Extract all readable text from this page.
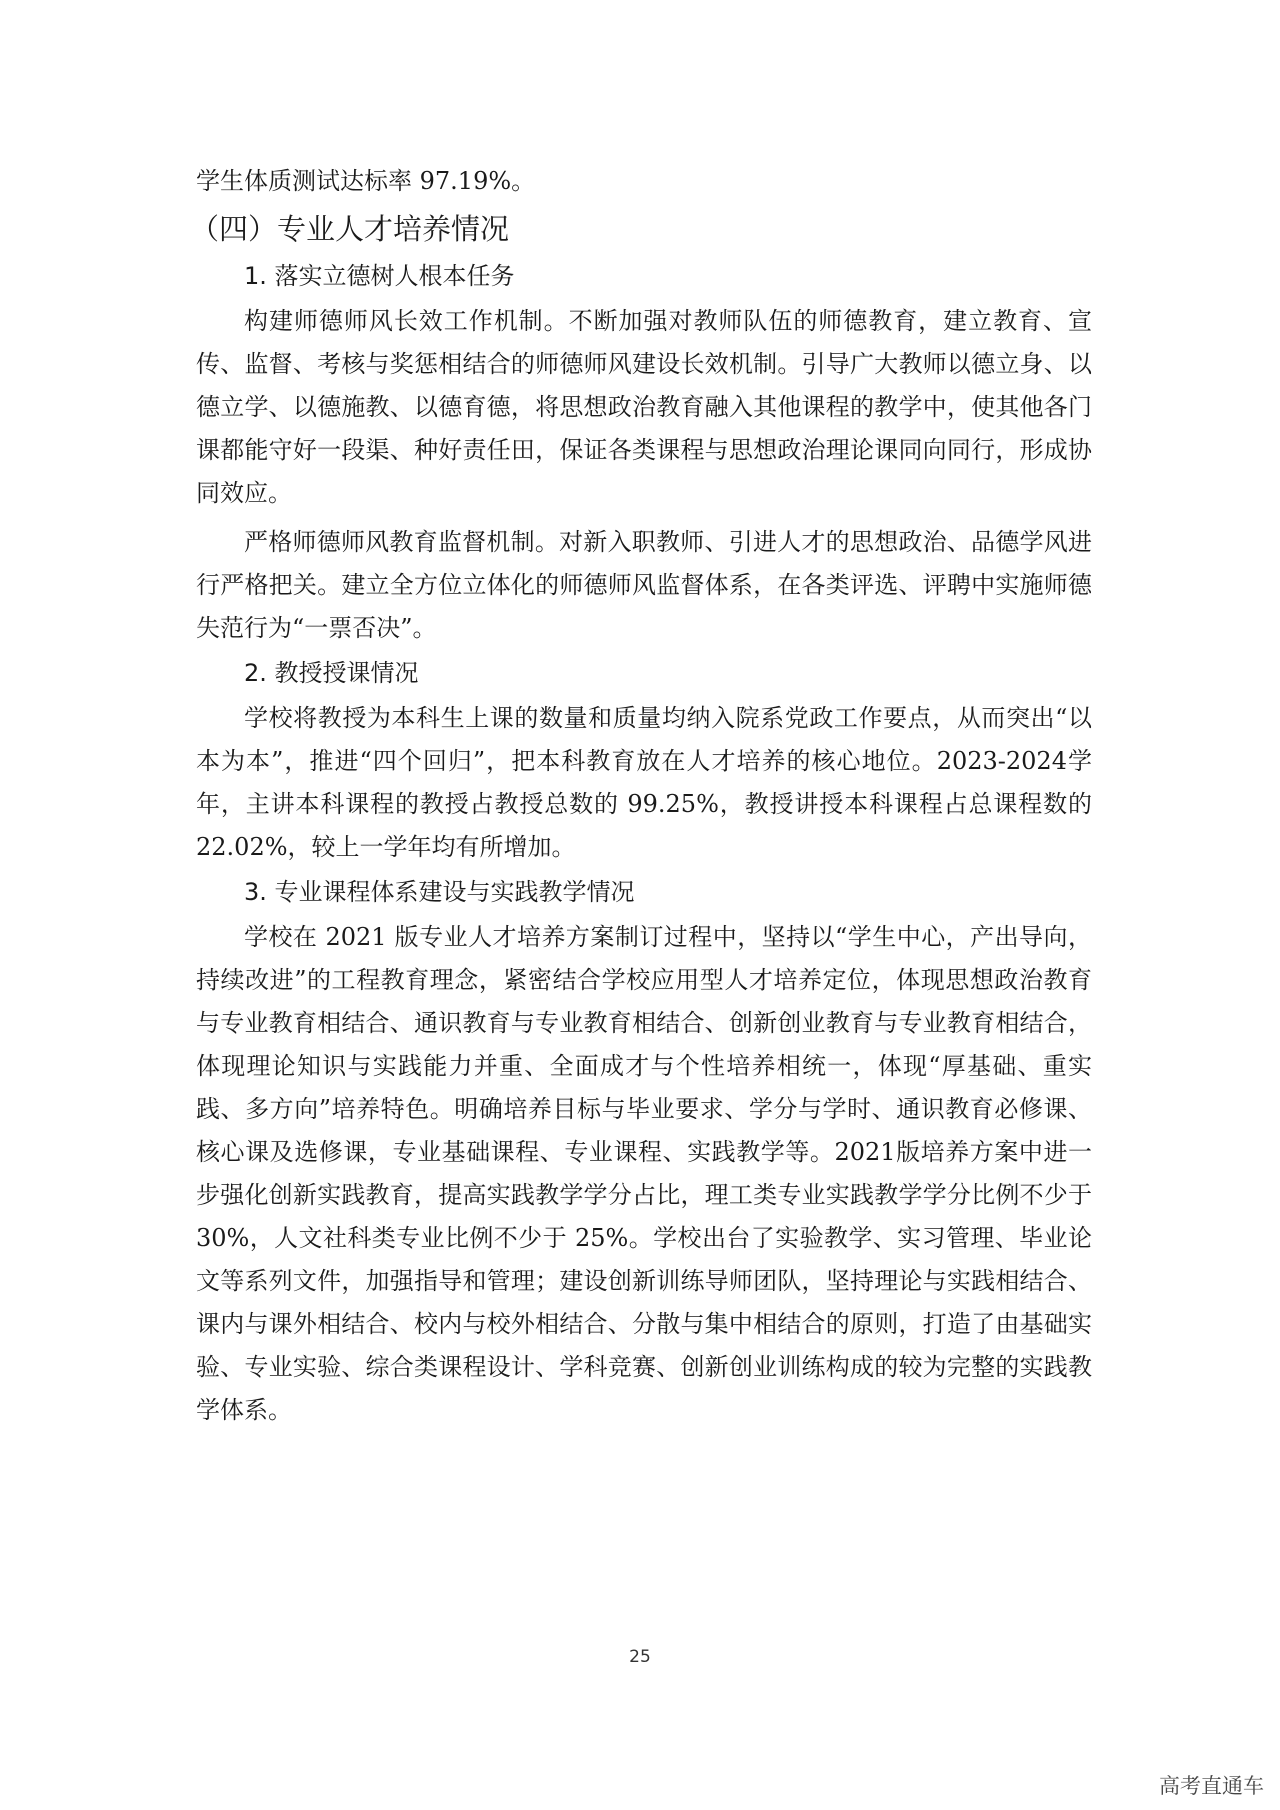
学生体质测试达标率 97.19%。

（四）专业人才培养情况
1. 落实立德树人根本任务

构建师德师风长效工作机制。不断加强对教师队伍的师德教育，建立教育、宣传、监督、考核与奖惩相结合的师德师风建设长效机制。引导广大教师以德立身、以德立学、以德施教、以德育德，将思想政治教育融入其他课程的教学中，使其他各门课都能守好一段渠、种好责任田，保证各类课程与思想政治理论课同向同行，形成协同效应。

严格师德师风教育监督机制。对新入职教师、引进人才的思想政治、品德学风进行严格把关。建立全方位立体化的师德师风监督体系，在各类评选、评聘中实施师德失范行为“一票否决”。

2. 教授授课情况

学校将教授为本科生上课的数量和质量均纳入院系党政工作要点，从而突出“以本为本”，推进“四个回归”，把本科教育放在人才培养的核心地位。2023-2024学年，主讲本科课程的教授占教授总数的 99.25%，教授讲授本科课程占总课程数的 22.02%，较上一学年均有所增加。

3. 专业课程体系建设与实践教学情况

学校在 2021 版专业人才培养方案制订过程中，坚持以“学生中心，产出导向，持续改进”的工程教育理念，紧密结合学校应用型人才培养定位，体现思想政治教育与专业教育相结合、通识教育与专业教育相结合、创新创业教育与专业教育相结合，体现理论知识与实践能力并重、全面成才与个性培养相统一，体现“厚基础、重实践、多方向”培养特色。明确培养目标与毕业要求、学分与学时、通识教育必修课、核心课及选修课，专业基础课程、专业课程、实践教学等。2021版培养方案中进一步强化创新实践教育，提高实践教学学分占比，理工类专业实践教学学分比例不少于 30%，人文社科类专业比例不少于 25%。学校出台了实验教学、实习管理、毕业论文等系列文件，加强指导和管理；建设创新训练导师团队，坚持理论与实践相结合、课内与课外相结合、校内与校外相结合、分散与集中相结合的原则，打造了由基础实验、专业实验、综合类课程设计、学科竞赛、创新创业训练构成的较为完整的实践教学体系。

25
高考直通车
